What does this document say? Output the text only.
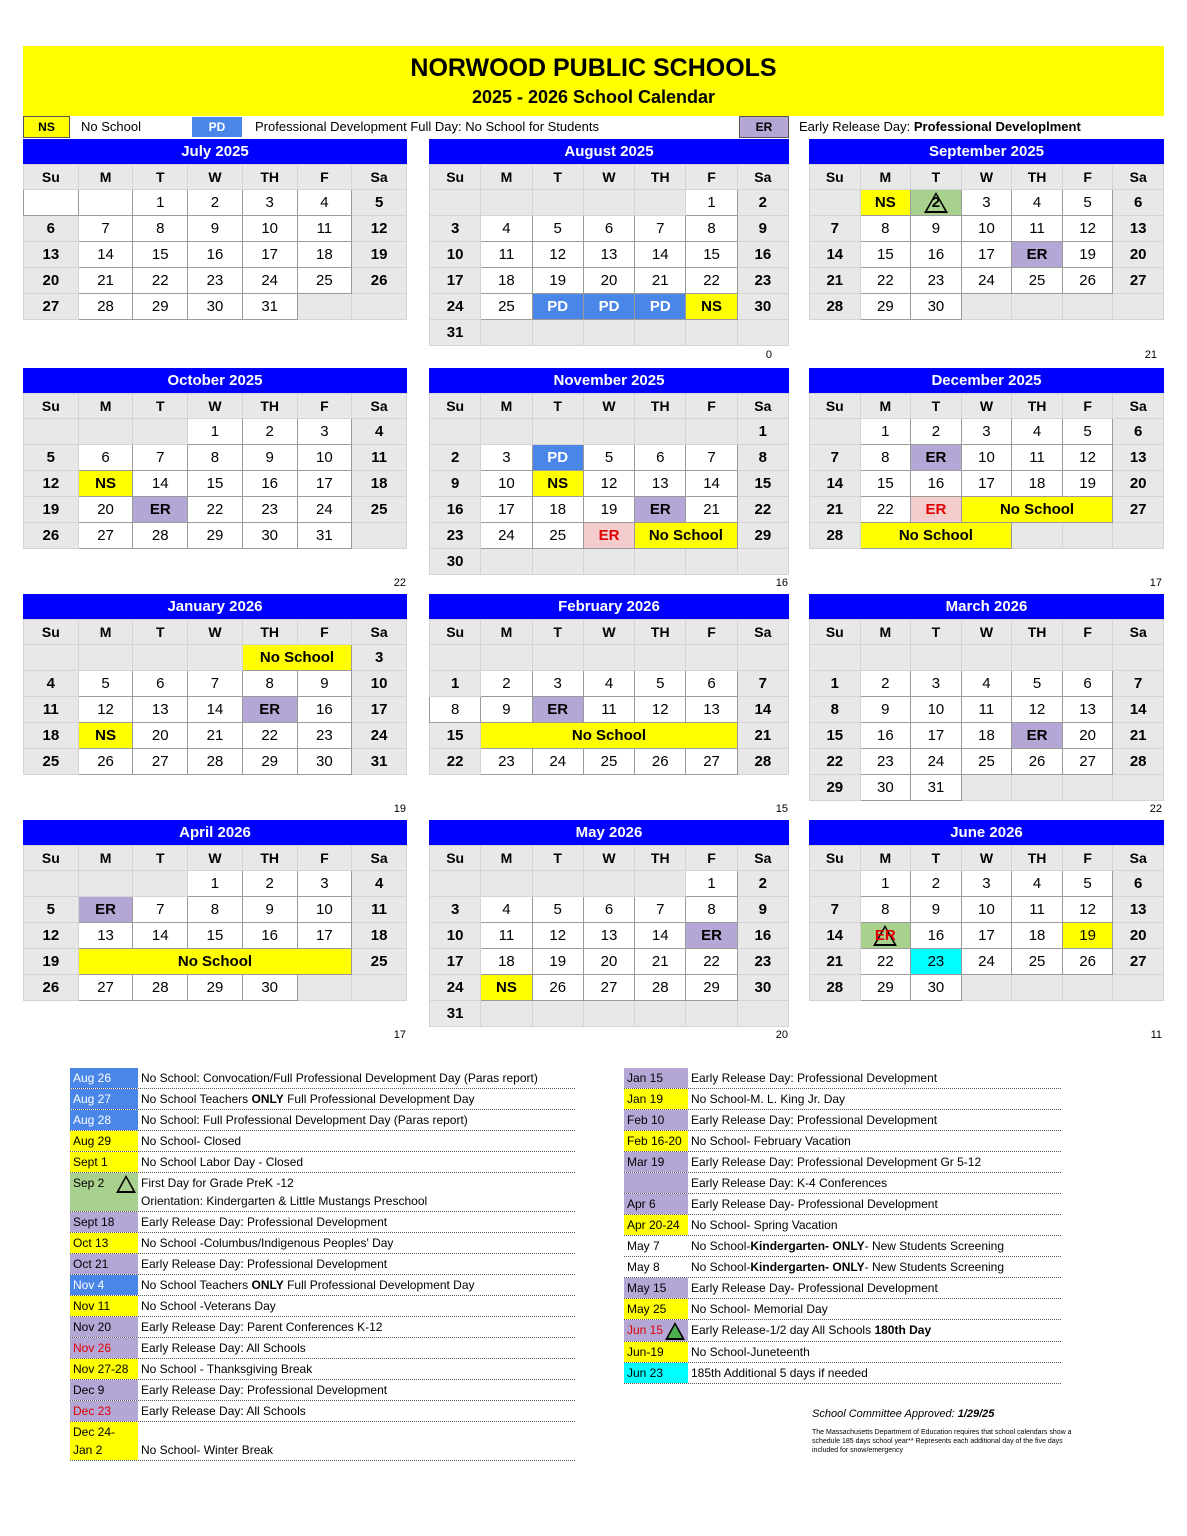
NORWOOD PUBLIC SCHOOLS
2025 - 2026 School Calendar
NS	No School	PD	Professional Development Full Day: No School for Students	ER	Early Release Day: Professional Developlment
July 2025
Su	M	T	W	TH	F	Sa
		1	2	3	4	5
6	7	8	9	10	11	12
13	14	15	16	17	18	19
20	21	22	23	24	25	26
27	28	29	30	31		
August 2025
Su	M	T	W	TH	F	Sa
					1	2
3	4	5	6	7	8	9
10	11	12	13	14	15	16
17	18	19	20	21	22	23
24	25	PD	PD	PD	NS	30
31						
September 2025
Su	M	T	W	TH	F	Sa
	NS	2	3	4	5	6
7	8	9	10	11	12	13
14	15	16	17	ER	19	20
21	22	23	24	25	26	27
28	29	30				
October 2025
Su	M	T	W	TH	F	Sa
			1	2	3	4
5	6	7	8	9	10	11
12	NS	14	15	16	17	18
19	20	ER	22	23	24	25
26	27	28	29	30	31	
November 2025
Su	M	T	W	TH	F	Sa
						1
2	3	PD	5	6	7	8
9	10	NS	12	13	14	15
16	17	18	19	ER	21	22
23	24	25	ER	No School		29
30						
December 2025
Su	M	T	W	TH	F	Sa
	1	2	3	4	5	6
7	8	ER	10	11	12	13
14	15	16	17	18	19	20
21	22	ER	No School			27
28	No School					
January 2026
Su	M	T	W	TH	F	Sa
				No School		3
4	5	6	7	8	9	10
11	12	13	14	ER	16	17
18	NS	20	21	22	23	24
25	26	27	28	29	30	31
February 2026
Su	M	T	W	TH	F	Sa

1	2	3	4	5	6	7
8	9	ER	11	12	13	14
15	No School					21
22	23	24	25	26	27	28
March 2026
Su	M	T	W	TH	F	Sa

1	2	3	4	5	6	7
8	9	10	11	12	13	14
15	16	17	18	ER	20	21
22	23	24	25	26	27	28
29	30	31				
April 2026
Su	M	T	W	TH	F	Sa
			1	2	3	4
5	ER	7	8	9	10	11
12	13	14	15	16	17	18
19	No School					25
26	27	28	29	30		
May 2026
Su	M	T	W	TH	F	Sa
					1	2
3	4	5	6	7	8	9
10	11	12	13	14	ER	16
17	18	19	20	21	22	23
24	NS	26	27	28	29	30
31						
June 2026
Su	M	T	W	TH	F	Sa
	1	2	3	4	5	6
7	8	9	10	11	12	13
14	ER	16	17	18	19	20
21	22	23	24	25	26	27
28	29	30				
Aug 26	No School: Convocation/Full Professional Development Day (Paras report)
Aug 27	No School Teachers ONLY Full Professional Development Day
Aug 28	No School: Full Professional Development Day (Paras report)
Aug 29	No School- Closed
Sept 1	No School Labor Day - Closed
Sep 2	First Day for Grade PreK -12
Orientation: Kindergarten & Little Mustangs Preschool
Sept 18	Early Release Day: Professional Development
Oct 13	No School -Columbus/Indigenous Peoples' Day
Oct 21	Early Release Day: Professional Development
Nov 4	No School Teachers ONLY Full Professional Development Day
Nov 11	No School -Veterans Day
Nov 20	Early Release Day: Parent Conferences K-12
Nov 26	Early Release Day: All Schools
Nov 27-28	No School - Thanksgiving Break
Dec 9	Early Release Day: Professional Development
Dec 23	Early Release Day: All Schools
Dec 24-
Jan 2	No School- Winter Break
Jan 15	Early Release Day: Professional Development
Jan 19	No School-M. L. King Jr. Day
Feb 10	Early Release Day: Professional Development
Feb 16-20 No School- February Vacation
Mar 19	Early Release Day: Professional Development Gr 5-12
Early Release Day: K-4 Conferences
Apr 6	Early Release Day- Professional Development
Apr 20-24 No School- Spring Vacation
May 7	No School-Kindergarten- ONLY- New Students Screening
May 8	No School-Kindergarten- ONLY- New Students Screening
May 15	Early Release Day- Professional Development
May 25	No School- Memorial Day
Jun 15	Early Release-1/2 day All Schools 180th Day
Jun-19	No School-Juneteenth
Jun 23	185th Additional 5 days if needed
School Committee Approved: 1/29/25
The Massachusetts Department of Education requires that school calendars show a schedule 185 days school year** Represents each additional day of the five days included for snow/emergency
0	21
22	16	17
19	15	22
17	20	11
